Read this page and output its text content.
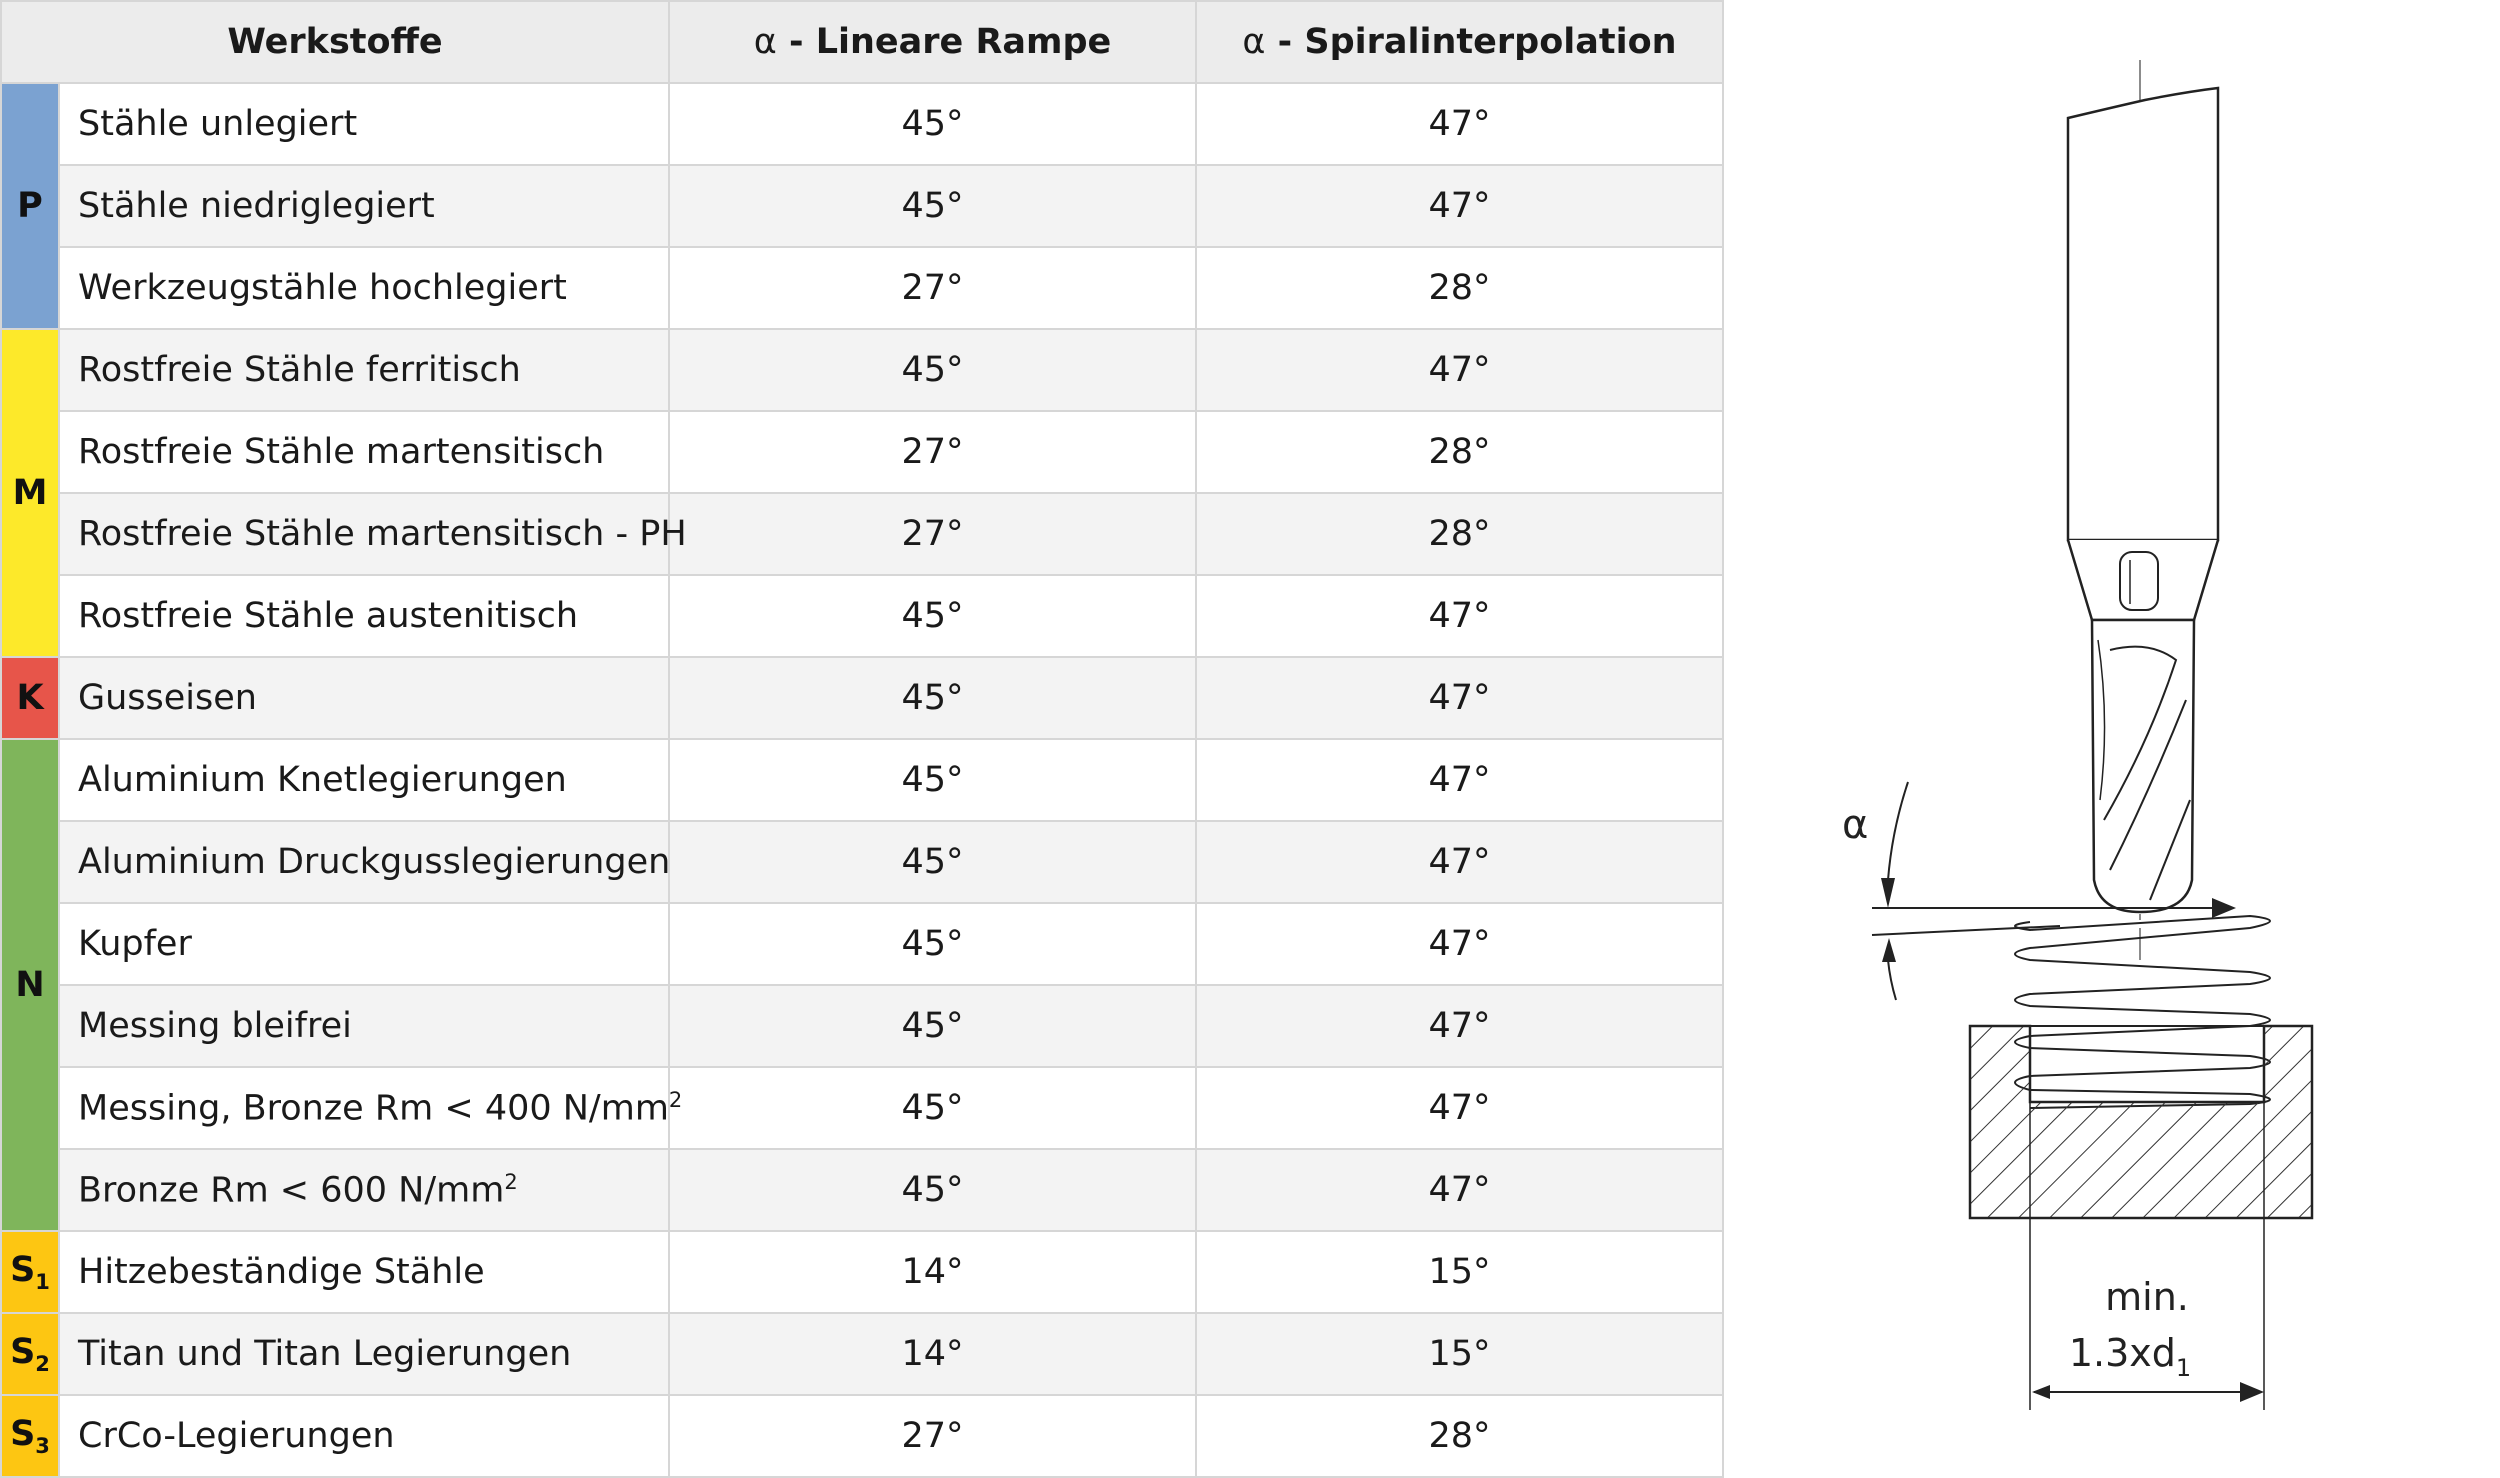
Werkstoffe		α - Lineare Rampe	α - Spiralinterpolation
P	Stähle unlegiert	45°	47°
	Stähle niedriglegiert	45°	47°
	Werkzeugstähle hochlegiert	27°	28°
M	Rostfreie Stähle ferritisch	45°	47°
	Rostfreie Stähle martensitisch	27°	28°
	Rostfreie Stähle martensitisch - PH	27°	28°
	Rostfreie Stähle austenitisch	45°	47°
K	Gusseisen	45°	47°
N	Aluminium Knetlegierungen	45°	47°
	Aluminium Druckgusslegierungen	45°	47°
	Kupfer	45°	47°
	Messing bleifrei	45°	47°
	Messing, Bronze Rm < 400 $N/mm^2$	45°	47°
	Bronze Rm < 600 $N/mm^2$	45°	47°
$S_1$	Hitzebeständige Stähle	14°	15°
$S_2$	Titan und Titan Legierungen	14°	15°
$S_3$	CrCo-Legierungen	27°	28°
α
min.
$1.3xd_1$
